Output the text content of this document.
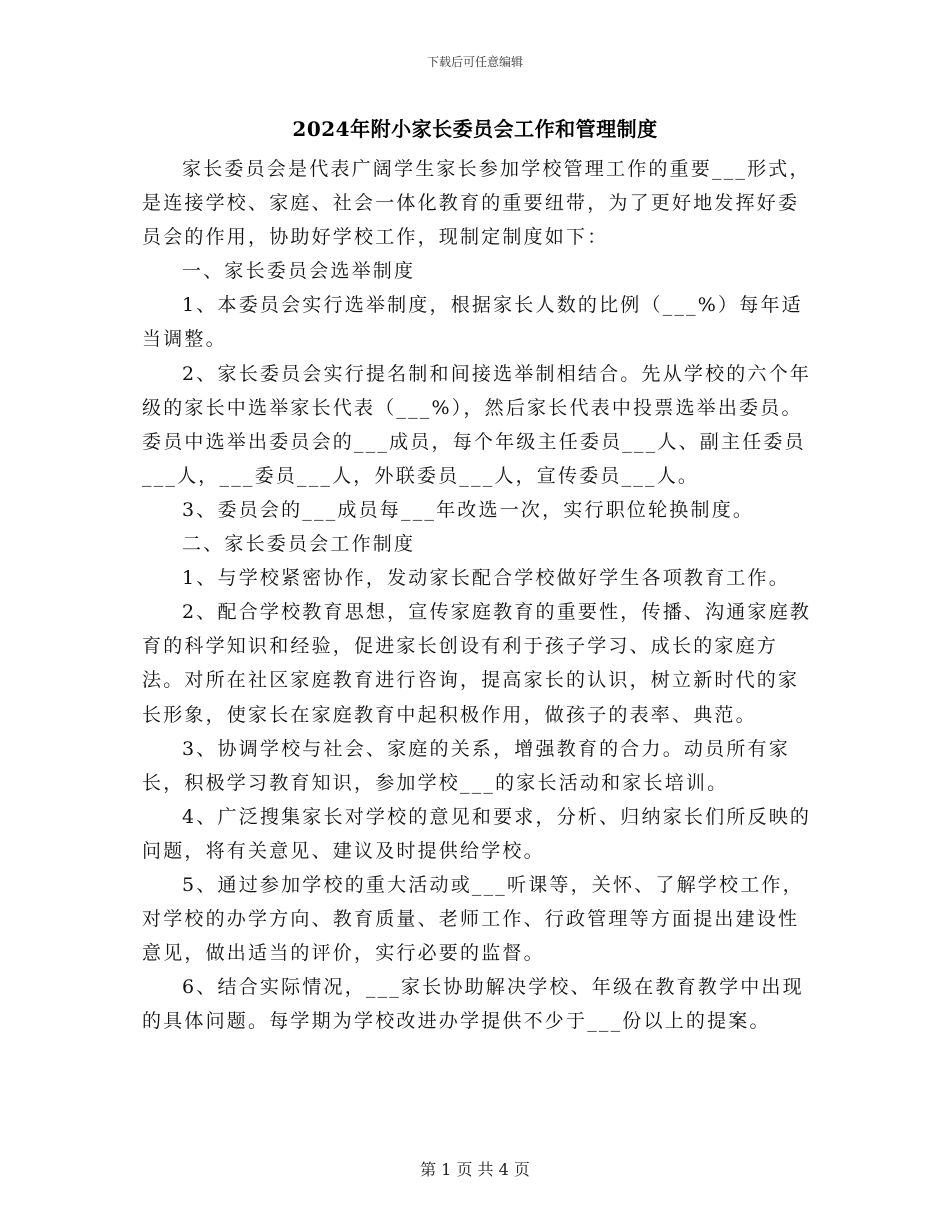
下载后可任意编辑
2024年附小家长委员会工作和管理制度

家长委员会是代表广阔学生家长参加学校管理工作的重要___形式，是连接学校、家庭、社会一体化教育的重要纽带，为了更好地发挥好委员会的作用，协助好学校工作，现制定制度如下：

一、家长委员会选举制度

1、本委员会实行选举制度，根据家长人数的比例（___%）每年适当调整。

2、家长委员会实行提名制和间接选举制相结合。先从学校的六个年级的家长中选举家长代表（___%），然后家长代表中投票选举出委员。委员中选举出委员会的___成员，每个年级主任委员___人、副主任委员___人，___委员___人，外联委员___人，宣传委员___人。

3、委员会的___成员每___年改选一次，实行职位轮换制度。

二、家长委员会工作制度

1、与学校紧密协作，发动家长配合学校做好学生各项教育工作。

2、配合学校教育思想，宣传家庭教育的重要性，传播、沟通家庭教育的科学知识和经验，促进家长创设有利于孩子学习、成长的家庭方法。对所在社区家庭教育进行咨询，提高家长的认识，树立新时代的家长形象，使家长在家庭教育中起积极作用，做孩子的表率、典范。

3、协调学校与社会、家庭的关系，增强教育的合力。动员所有家长，积极学习教育知识，参加学校___的家长活动和家长培训。

4、广泛搜集家长对学校的意见和要求，分析、归纳家长们所反映的问题，将有关意见、建议及时提供给学校。

5、通过参加学校的重大活动或___听课等，关怀、了解学校工作，对学校的办学方向、教育质量、老师工作、行政管理等方面提出建设性意见，做出适当的评价，实行必要的监督。

6、结合实际情况，___家长协助解决学校、年级在教育教学中出现的具体问题。每学期为学校改进办学提供不少于___份以上的提案。

第 1 页 共 4 页
